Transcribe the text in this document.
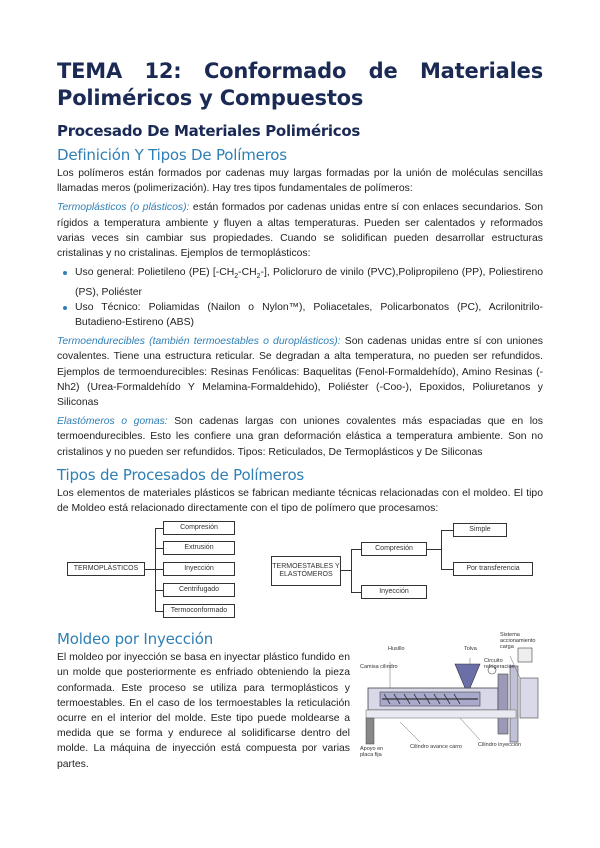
TEMA 12: Conformado de Materiales
Poliméricos y Compuestos
Procesado De Materiales Poliméricos
Definición Y Tipos De Polímeros

Los polímeros están formados por cadenas muy largas formadas por la unión de moléculas sencillas llamadas meros (polimerización). Hay tres tipos fundamentales de polímeros:

Termoplásticos (o plásticos): están formados por cadenas unidas entre sí con enlaces secundarios. Son rígidos a temperatura ambiente y fluyen a altas temperaturas. Pueden ser calentados y reformados varias veces sin cambiar sus propiedades. Cuando se solidifican pueden desarrollar estructuras cristalinas y no cristalinas. Ejemplos de termoplásticos:

Uso general: Polietileno (PE) $[-CH_2-CH_2-]$, Policloruro de vinilo (PVC),Polipropileno (PP), Poliestireno (PS), Poliéster
Uso Técnico: Poliamidas (Nailon o Nylon™), Poliacetales, Policarbonatos (PC), Acrilonitrilo-Butadieno-Estireno (ABS)

Termoendurecibles (también termoestables o duroplásticos): Son cadenas unidas entre sí con uniones covalentes. Tiene una estructura reticular. Se degradan a alta temperatura, no pueden ser refundidos. Ejemplos de termoendurecibles: Resinas Fenólicas: Baquelitas (Fenol-Formaldehído), Amino Resinas (-Nh2) (Urea-Formaldehído Y Melamina-Formaldehido), Poliéster (-Coo-), Epoxidos, Poliuretanos y Siliconas

Elastómeros o gomas: Son cadenas largas con uniones covalentes más espaciadas que en los termoendurecibles. Esto les confiere una gran deformación elástica a temperatura ambiente. Son no cristalinos y no pueden ser refundidos. Tipos: Reticulados, De Termoplásticos y De Siliconas

Tipos de Procesados de Polímeros

Los elementos de materiales plásticos se fabrican mediante técnicas relacionadas con el moldeo. El tipo de Moldeo está relacionado directamente con el tipo de polímero que procesamos:

TERMOPLÁSTICOS
Compresión
Extrusión
Inyección
Centrifugado
Termoconformado
TERMOESTABLES Y ELASTÓMEROS
Compresión
Inyección
Simple
Por transferencia
Moldeo por Inyección

El moldeo por inyección se basa en inyectar plástico fundido en un molde que posteriormente es enfriado obteniendo la pieza conformada. Este proceso se utiliza para termoplásticos y termoestables. En el caso de los termoestables la reticulación ocurre en el interior del molde. Este tipo puede moldearse a medida que se forma y endurece al solidificarse dentro del molde. La máquina de inyección está compuesta por varias partes.

Husillo	Tolva
Sistema accionamiento carga
Camisa cilindro
Circuito refrigeración
Apoyo en placa fija
Cilindro avance carro	Cilindro inyección
